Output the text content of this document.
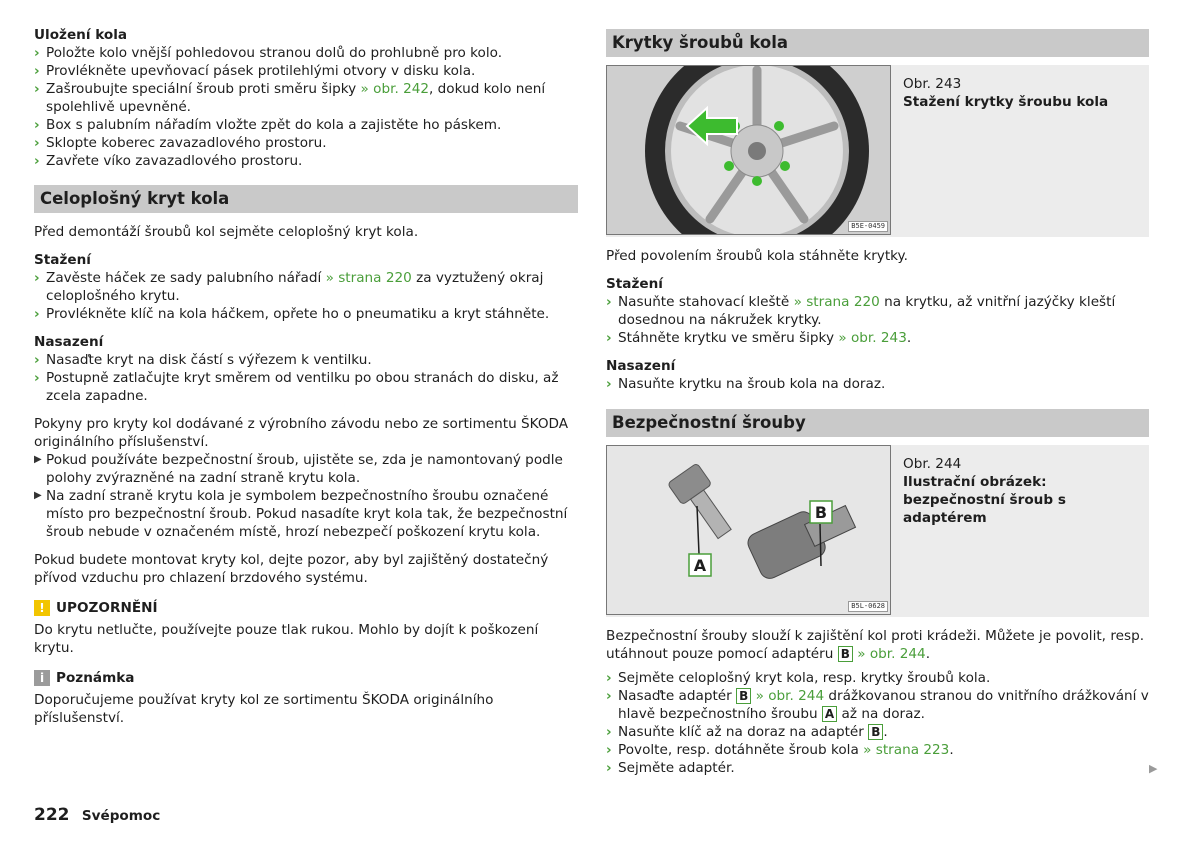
Uložení kola
› Položte kolo vnější pohledovou stranou dolů do prohlubně pro kolo.
› Provlékněte upevňovací pásek protilehlými otvory v disku kola.
› Zašroubujte speciální šroub proti směru šipky » obr. 242, dokud kolo není spolehlivě upevněné.
› Box s palubním nářadím vložte zpět do kola a zajistěte ho páskem.
› Sklopte koberec zavazadlového prostoru.
› Zavřete víko zavazadlového prostoru.
Celoplošný kryt kola
Před demontáží šroubů kol sejměte celoplošný kryt kola.
Stažení
› Zavěste háček ze sady palubního nářadí » strana 220 za vyztužený okraj celoplošného krytu.
› Provlékněte klíč na kola háčkem, opřete ho o pneumatiku a kryt stáhněte.
Nasazení
› Nasaďte kryt na disk částí s výřezem k ventilku.
› Postupně zatlačujte kryt směrem od ventilku po obou stranách do disku, až zcela zapadne.
Pokyny pro kryty kol dodávané z výrobního závodu nebo ze sortimentu ŠKODA originálního příslušenství.
▶ Pokud používáte bezpečnostní šroub, ujistěte se, zda je namontovaný podle polohy zvýrazněné na zadní straně krytu kola.
▶ Na zadní straně krytu kola je symbolem bezpečnostního šroubu označené místo pro bezpečnostní šroub. Pokud nasadíte kryt kola tak, že bezpečnostní šroub nebude v označeném místě, hrozí nebezpečí poškození krytu kola.
Pokud budete montovat kryty kol, dejte pozor, aby byl zajištěný dostatečný přívod vzduchu pro chlazení brzdového systému.
! UPOZORNĚNÍ
Do krytu netlučte, používejte pouze tlak rukou. Mohlo by dojít k poškození krytu.
i Poznámka
Doporučujeme používat kryty kol ze sortimentu ŠKODA originálního příslušenství.
Krytky šroubů kola
B5E-0459
Obr. 243
Stažení krytky šroubu kola
Před povolením šroubů kola stáhněte krytky.
Stažení
› Nasuňte stahovací kleště » strana 220 na krytku, až vnitřní jazýčky kleští dosednou na nákružek krytky.
› Stáhněte krytku ve směru šipky » obr. 243.
Nasazení
› Nasuňte krytku na šroub kola na doraz.
Bezpečnostní šrouby
A
B
B5L-0628
Obr. 244
Ilustrační obrázek: bezpečnostní šroub s adaptérem
Bezpečnostní šrouby slouží k zajištění kol proti krádeži. Můžete je povolit, resp. utáhnout pouze pomocí adaptéru B » obr. 244.
› Sejměte celoplošný kryt kola, resp. krytky šroubů kola.
› Nasaďte adaptér B » obr. 244 drážkovanou stranou do vnitřního drážkování v hlavě bezpečnostního šroubu A až na doraz.
› Nasuňte klíč až na doraz na adaptér B .
› Povolte, resp. dotáhněte šroub kola » strana 223.
› Sejměte adaptér.	▶
222 Svépomoc
